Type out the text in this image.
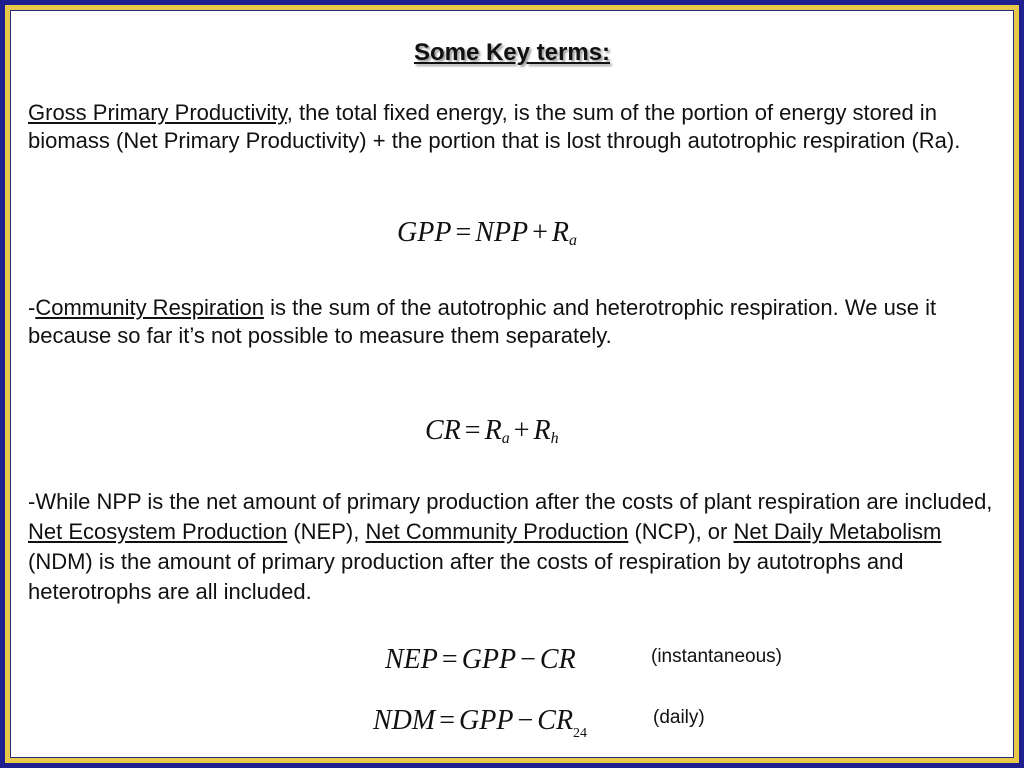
Some Key terms:
Gross Primary Productivity, the total fixed energy, is the sum of the portion of energy stored in biomass (Net Primary Productivity) + the portion that is lost through autotrophic respiration (Ra).
GPP = NPP + $R_a$
-Community Respiration is the sum of the autotrophic and heterotrophic respiration. We use it because so far it’s not possible to measure them separately.
CR = $R_a + R_h$
-While NPP is the net amount of primary production after the costs of plant respiration are included, Net Ecosystem Production (NEP), Net Community Production (NCP), or Net Daily Metabolism (NDM) is the amount of primary production after the costs of respiration by autotrophs and heterotrophs are all included.
NEP = GPP − CR	(instantaneous)
NDM = GPP − $CR_{24}$
(daily)
